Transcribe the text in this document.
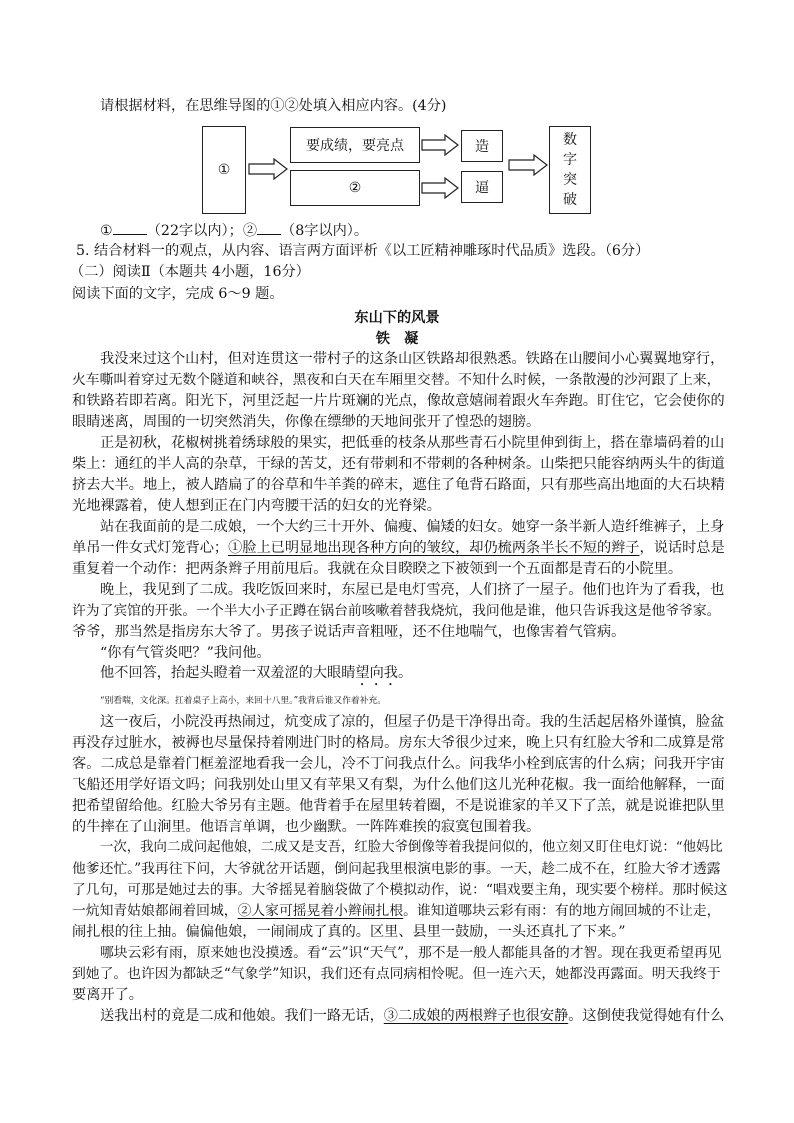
请根据材料，在思维导图的①②处填入相应内容。(4分)
①
要成绩，要亮点
②
造
逼
数
字
突
破
① （22字以内）；② （8字以内）。
5. 结合材料一的观点，从内容、语言两方面评析《以工匠精神雕琢时代品质》选段。（6分）
（二）阅读Ⅱ（本题共 4小题，16分）
阅读下面的文字，完成 6～9 题。
东山下的风景
铁　凝
我没来过这个山村，但对连贯这一带村子的这条山区铁路却很熟悉。铁路在山腰间小心翼翼地穿行，
火车嘶叫着穿过无数个隧道和峡谷，黑夜和白天在车厢里交替。不知什么时候，一条散漫的沙河跟了上来，
和铁路若即若离。阳光下，河里泛起一片片斑斓的光点，像故意嬉闹着跟火车奔跑。盯住它，它会使你的
眼睛迷离，周围的一切突然消失，你像在缥缈的天地间张开了惶恐的翅膀。
正是初秋，花椒树挑着绣球般的果实，把低垂的枝条从那些青石小院里伸到街上，搭在靠墙码着的山
柴上：通红的半人高的杂草，干绿的苦艾，还有带刺和不带刺的各种树条。山柴把只能容纳两头牛的街道
挤去大半。地上，被人踏扁了的谷草和牛羊粪的碎末，遮住了龟背石路面，只有那些高出地面的大石块精
光地裸露着，使人想到正在门内弯腰干活的妇女的光脊梁。
站在我面前的是二成娘，一个大约三十开外、偏瘦、偏矮的妇女。她穿一条半新人造纤维裤子，上身
单吊一件女式灯笼背心；①脸上已明显地出现各种方向的皱纹，却仍梳两条半长不短的辫子，说话时总是
重复着一个动作：把两条辫子用前甩后。我就在众目睽睽之下被领到一个五面都是青石的小院里。
晚上，我见到了二成。我吃饭回来时，东屋已是电灯雪亮，人们挤了一屋子。他们也许为了看我，也
许为了宾馆的开张。一个半大小子正蹲在锅台前咳嗽着替我烧炕，我问他是谁，他只告诉我这是他爷爷家。
爷爷，那当然是指房东大爷了。男孩子说话声音粗哑，还不住地喘气，也像害着气管病。
“你有气管炎吧？”我问他。
他不回答，抬起头瞪着一双羞涩的大眼睛望向我。
“别看喘，文化深。扛着桌子上高小，来回十八里。”我背后谁又作着补充。
这一夜后，小院没再热闹过，炕变成了凉的，但屋子仍是干净得出奇。我的生活起居格外谨慎，脸盆
再没存过脏水，被褥也尽量保持着刚进门时的格局。房东大爷很少过来，晚上只有红脸大爷和二成算是常
客。二成总是靠着门框羞涩地看我一会儿，冷不丁问我点什么。问我华小栓到底害的什么病；问我开宇宙
飞船还用学好语文吗；问我别处山里又有苹果又有梨，为什么他们这儿光种花椒。我一面给他解释，一面
把希望留给他。红脸大爷另有主题。他背着手在屋里转着圈，不是说谁家的羊又下了羔，就是说谁把队里
的牛摔在了山涧里。他语言单调，也少幽默。一阵阵难挨的寂寞包围着我。
一次，我向二成问起他娘，二成又是支吾，红脸大爷倒像等着我提问似的，他立刻又盯住电灯说：“他妈比
他爹还忙。”我再往下问，大爷就岔开话题，倒问起我里根演电影的事。一天，趁二成不在，红脸大爷才透露
了几句，可那是她过去的事。大爷摇晃着脑袋做了个模拟动作，说：“唱戏要主角，现实要个榜样。那时候这
一炕知青姑娘都闹着回城，②人家可摇晃着小辫闹扎根。谁知道哪块云彩有雨：有的地方闹回城的不让走，
闹扎根的往上抽。偏偏他娘，一闹闹成了真的。区里、县里一鼓励，一头还真扎了下来。”
哪块云彩有雨，原来她也没摸透。看“云”识“天气”，那不是一般人都能具备的才智。现在我更希望再见
到她了。也许因为都缺乏“气象学”知识，我们还有点同病相怜呢。但一连六天，她都没再露面。明天我终于
要离开了。
送我出村的竟是二成和他娘。我们一路无话，③二成娘的两根辫子也很安静。这倒使我觉得她有什么
